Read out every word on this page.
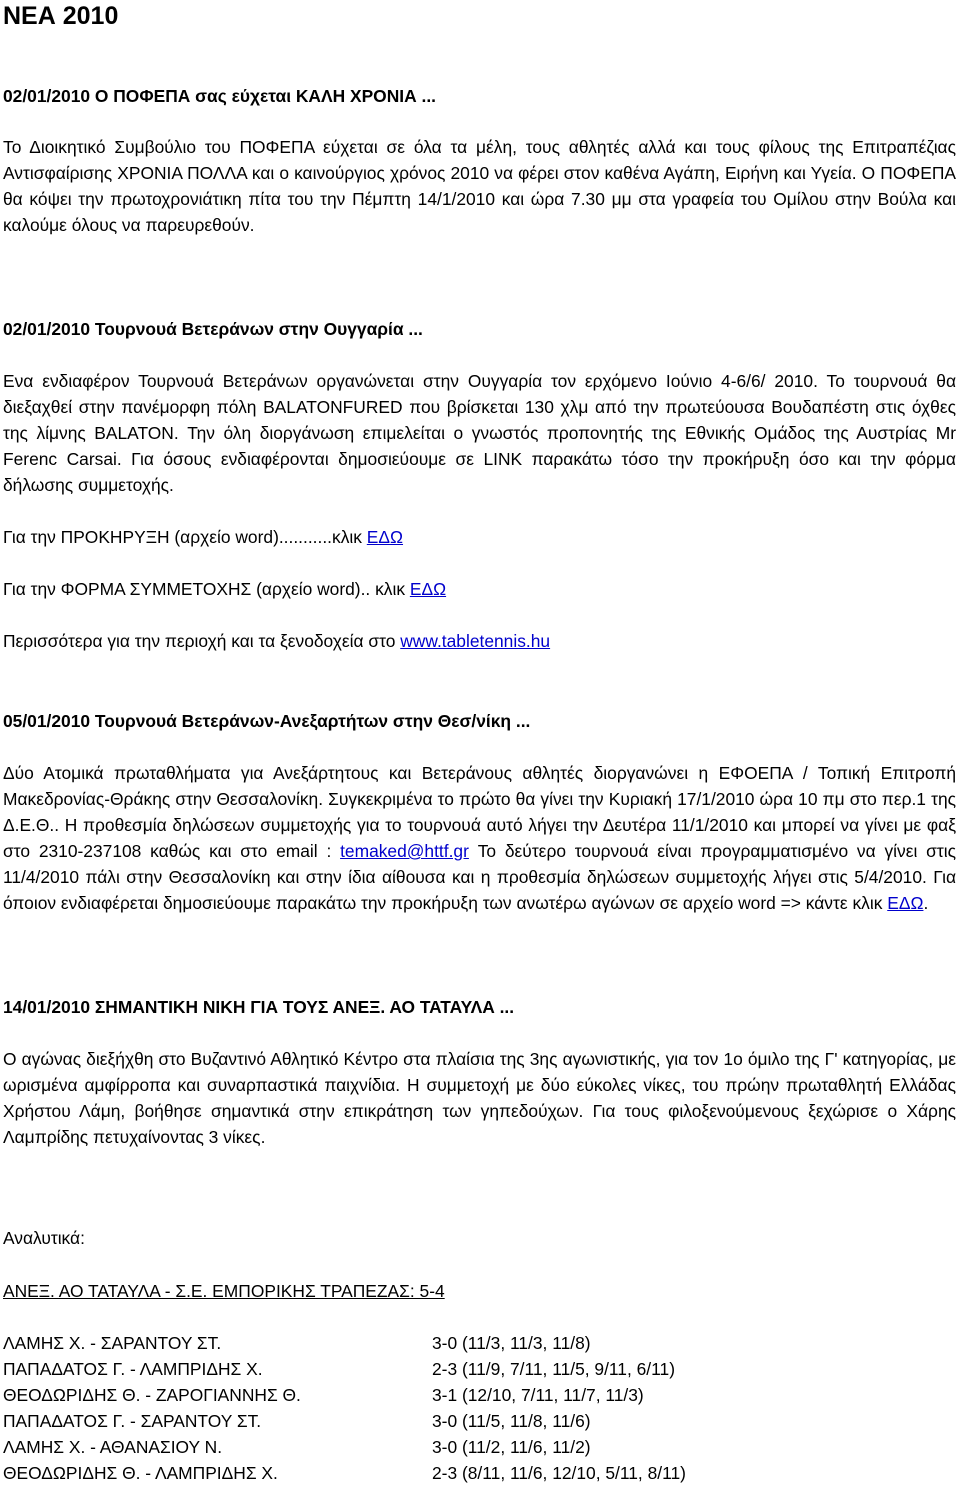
ΝΕΑ 2010
02/01/2010 Ο ΠΟΦΕΠΑ σας εύχεται ΚΑΛΗ ΧΡΟΝΙΑ ...

Το Διοικητικό Συμβούλιο του ΠΟΦΕΠΑ εύχεται σε όλα τα μέλη, τους αθλητές αλλά και τους φίλους της Επιτραπέζιας Αντισφαίρισης ΧΡΟΝΙΑ ΠΟΛΛΑ και ο καινούργιος χρόνος 2010 να φέρει στον καθένα Αγάπη, Ειρήνη και Υγεία. Ο ΠΟΦΕΠΑ θα κόψει την πρωτοχρονιάτικη πίτα του την Πέμπτη 14/1/2010 και ώρα 7.30 μμ στα γραφεία του Ομίλου στην Βούλα και καλούμε όλους να παρευρεθούν.

02/01/2010 Τουρνουά Βετεράνων στην Ουγγαρία ...

Ενα ενδιαφέρον Τουρνουά Βετεράνων οργανώνεται στην Ουγγαρία τον ερχόμενο Ιούνιο 4-6/6/ 2010. Το τουρνουά θα διεξαχθεί στην πανέμορφη πόλη BALATONFURED που βρίσκεται 130 χλμ από την πρωτεύουσα Βουδαπέστη στις όχθες της λίμνης BALATON. Την όλη διοργάνωση επιμελείται ο γνωστός προπονητής της Εθνικής Ομάδος της Αυστρίας Mr Ferenc Carsai. Για όσους ενδιαφέρονται δημοσιεύουμε σε LINK παρακάτω τόσο την προκήρυξη όσο και την φόρμα δήλωσης συμμετοχής.

Για την ΠΡΟΚΗΡΥΞΗ (αρχείο word)...........κλικ ΕΔΩ

Για την ΦΟΡΜΑ ΣΥΜΜΕΤΟΧΗΣ (αρχείο word).. κλικ ΕΔΩ

Περισσότερα για την περιοχή και τα ξενοδοχεία στο www.tabletennis.hu

05/01/2010 Τουρνουά Βετεράνων-Ανεξαρτήτων στην Θεσ/νίκη ...

Δύο Ατομικά πρωταθλήματα για Ανεξάρτητους και Βετεράνους αθλητές διοργανώνει η ΕΦΟΕΠΑ / Τοπική Επιτροπή Μακεδρονίας-Θράκης στην Θεσσαλονίκη. Συγκεκριμένα το πρώτο θα γίνει την Κυριακή 17/1/2010 ώρα 10 πμ στο περ.1 της Δ.Ε.Θ.. Η προθεσμία δηλώσεων συμμετοχής για το τουρνουά αυτό λήγει την Δευτέρα 11/1/2010 και μπορεί να γίνει με φαξ στο 2310-237108 καθώς και στο email : temaked@httf.gr Το δεύτερο τουρνουά είναι προγραμματισμένο να γίνει στις 11/4/2010 πάλι στην Θεσσαλονίκη και στην ίδια αίθουσα και η προθεσμία δηλώσεων συμμετοχής λήγει στις 5/4/2010. Για όποιον ενδιαφέρεται δημοσιεύουμε παρακάτω την προκήρυξη των ανωτέρω αγώνων σε αρχείο word => κάντε κλικ ΕΔΩ.

14/01/2010 ΣΗΜΑΝΤΙΚΗ ΝΙΚΗ ΓΙΑ ΤΟΥΣ ΑΝΕΞ. ΑΟ ΤΑΤΑΥΛΑ ...

Ο αγώνας διεξήχθη στο Βυζαντινό Αθλητικό Κέντρο στα πλαίσια της 3ης αγωνιστικής, για τον 1ο όμιλο της Γ' κατηγορίας, με ωρισμένα αμφίρροπα και συναρπαστικά παιχνίδια. Η συμμετοχή με δύο εύκολες νίκες, του πρώην πρωταθλητή Ελλάδας Χρήστου Λάμη, βοήθησε σημαντικά στην επικράτηση των γηπεδούχων. Για τους φιλοξενούμενους ξεχώρισε ο Χάρης Λαμπρίδης πετυχαίνοντας 3 νίκες.

Αναλυτικά:
ΑΝΕΞ. ΑΟ ΤΑΤΑΥΛΑ - Σ.Ε. ΕΜΠΟΡΙΚΗΣ ΤΡΑΠΕΖΑΣ: 5-4
ΛΑΜΗΣ Χ. - ΣΑΡΑΝΤΟΥ ΣΤ.	3-0 (11/3, 11/3, 11/8)
ΠΑΠΑΔΑΤΟΣ Γ. - ΛΑΜΠΡΙΔΗΣ Χ.	2-3 (11/9, 7/11, 11/5, 9/11, 6/11)
ΘΕΟΔΩΡΙΔΗΣ Θ. - ΖΑΡΟΓΙΑΝΝΗΣ Θ.	3-1 (12/10, 7/11, 11/7, 11/3)
ΠΑΠΑΔΑΤΟΣ Γ. - ΣΑΡΑΝΤΟΥ ΣΤ.	3-0 (11/5, 11/8, 11/6)
ΛΑΜΗΣ Χ. - ΑΘΑΝΑΣΙΟΥ Ν.	3-0 (11/2, 11/6, 11/2)
ΘΕΟΔΩΡΙΔΗΣ Θ. - ΛΑΜΠΡΙΔΗΣ Χ.	2-3 (8/11, 11/6, 12/10, 5/11, 8/11)
